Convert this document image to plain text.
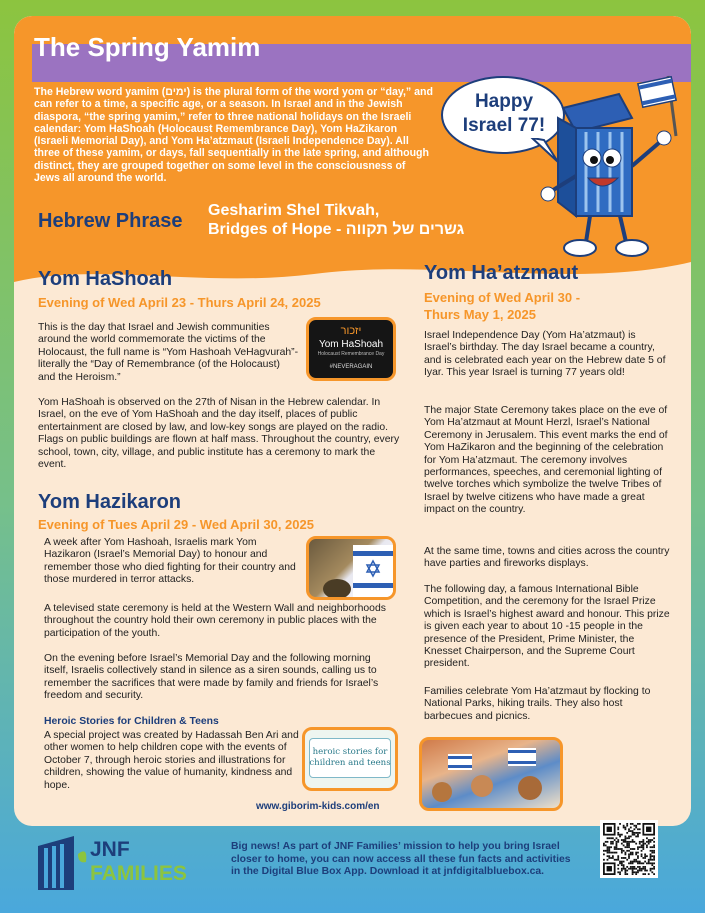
The Spring Yamim
The Hebrew word yamim (ימים) is the plural form of the word yom or “day,” and can refer to a time, a specific age, or a season. In Israel and in the Jewish diaspora, “the spring yamim,” refer to three national holidays on the Israeli calendar: Yom HaShoah (Holocaust Remembrance Day), Yom HaZikaron (Israeli Memorial Day), and Yom Ha’atzmaut (Israeli Independence Day). All three of these yamim, or days, fall sequentially in the late spring, and although distinct, they are grouped together on some level in the consciousness of Jews all around the world.
Hebrew Phrase Gesharim Shel Tikvah,
Bridges of Hope - גשרים של תקווה
Happy
Israel 77!
Yom HaShoah
Evening of Wed April 23 - Thurs April 24, 2025
This is the day that Israel and Jewish communities around the world commemorate the victims of the Holocaust, the full name is “Yom Hashoah VeHagvurah”- literally the “Day of Remembrance (of the Holocaust) and the Heroism.”
יזכור
Yom HaShoah
Holocaust Remembrance Day
#NEVERAGAIN
Yom HaShoah is observed on the 27th of Nisan in the Hebrew calendar. In Israel, on the eve of Yom HaShoah and the day itself, places of public entertainment are closed by law, and low-key songs are played on the radio. Flags on public buildings are flown at half mass. Throughout the country, every school, town, city, village, and public institute has a ceremony to mark the event.
Yom Hazikaron
Evening of Tues April 29 - Wed April 30, 2025
A week after Yom Hashoah, Israelis mark Yom Hazikaron (Israel’s Memorial Day) to honour and remember those who died fighting for their country and those murdered in terror attacks.
A televised state ceremony is held at the Western Wall and neighborhoods throughout the country hold their own ceremony in public places with the participation of the youth.
On the evening before Israel’s Memorial Day and the following morning itself, Israelis collectively stand in silence as a siren sounds, calling us to remember the sacrifices that were made by family and friends for Israel’s freedom and security.
Heroic Stories for Children & Teens
A special project was created by Hadassah Ben Ari and other women to help children cope with the events of October 7, through heroic stories and illustrations for children, showing the value of humanity, kindness and hope.
heroic stories for
children and teens
www.giborim-kids.com/en
Yom Ha’atzmaut
Evening of Wed April 30 -
Thurs May 1, 2025
Israel Independence Day (Yom Ha’atzmaut) is Israel’s birthday. The day Israel became a country, and is celebrated each year on the Hebrew date 5 of Iyar. This year Israel is turning 77 years old!
The major State Ceremony takes place on the eve of Yom Ha’atzmaut at Mount Herzl, Israel’s National Ceremony in Jerusalem. This event marks the end of Yom HaZikaron and the beginning of the celebration for Yom Ha’atzmaut. The ceremony involves performances, speeches, and ceremonial lighting of twelve torches which symbolize the twelve Tribes of Israel by twelve citizens who have made a great impact on the country.
At the same time, towns and cities across the country have parties and fireworks displays.
The following day, a famous International Bible Competition, and the ceremony for the Israel Prize which is Israel’s highest award and honour. This prize is given each year to about 10 -15 people in the presence of the President, Prime Minister, the Knesset Chairperson, and the Supreme Court president.
Families celebrate Yom Ha’atzmaut by flocking to National Parks, hiking trails. They also host barbecues and picnics.
JNF
FAMILIES
Big news! As part of JNF Families’ mission to help you bring Israel closer to home, you can now access all these fun facts and activities in the Digital Blue Box App. Download it at jnfdigitalbluebox.ca.
